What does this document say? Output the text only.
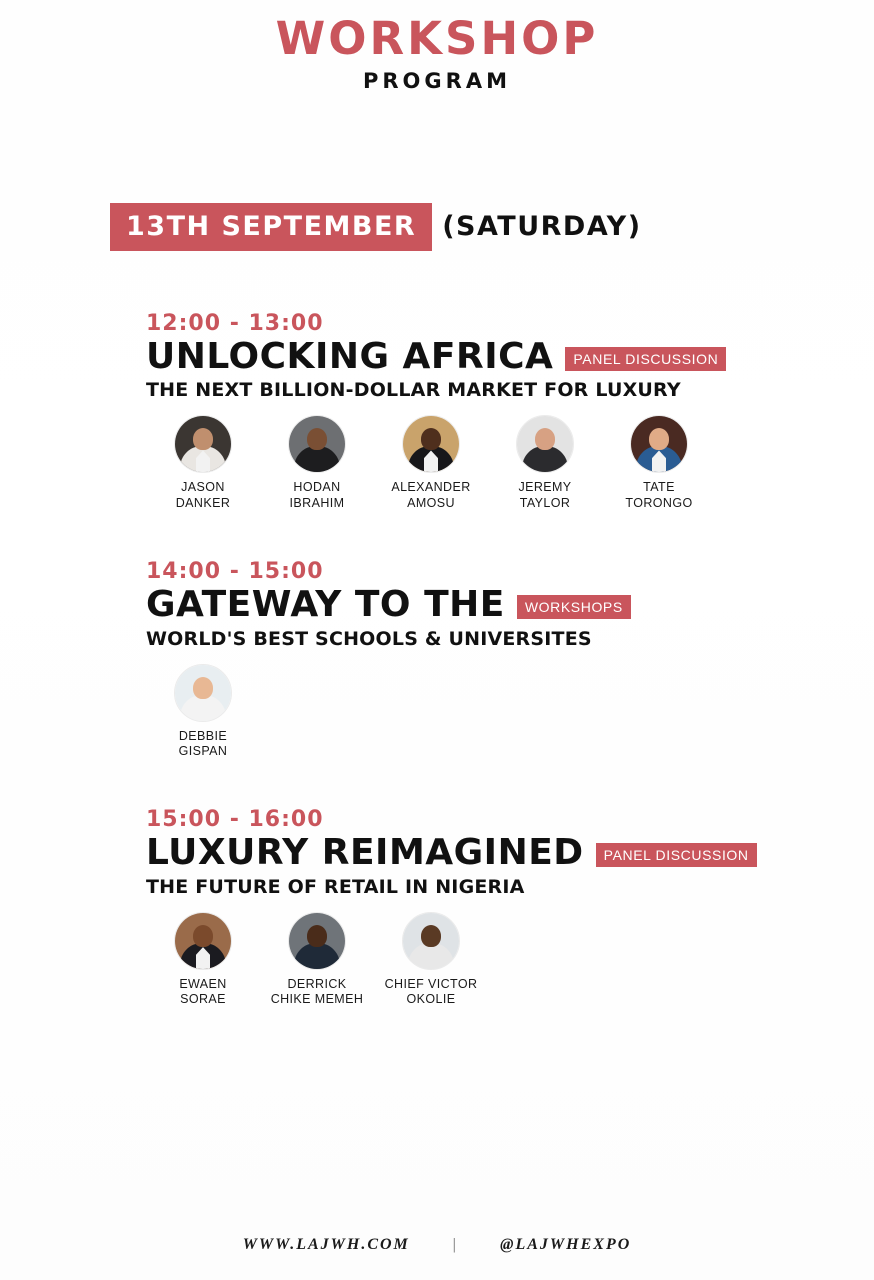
WORKSHOP
PROGRAM
13TH SEPTEMBER (SATURDAY)
12:00 - 13:00
UNLOCKING AFRICA	PANEL DISCUSSION
THE NEXT BILLION-DOLLAR MARKET FOR LUXURY
JASON
DANKER
HODAN
IBRAHIM
ALEXANDER
AMOSU
JEREMY
TAYLOR
TATE
TORONGO
14:00 - 15:00
GATEWAY TO THE	WORKSHOPS
WORLD'S BEST SCHOOLS & UNIVERSITES
DEBBIE
GISPAN
15:00 - 16:00
LUXURY REIMAGINED	PANEL DISCUSSION
THE FUTURE OF RETAIL IN NIGERIA
EWAEN
SORAE
DERRICK
CHIKE MEMEH
CHIEF VICTOR
OKOLIE
WWW.LAJWH.COM	|	@LAJWHEXPO
